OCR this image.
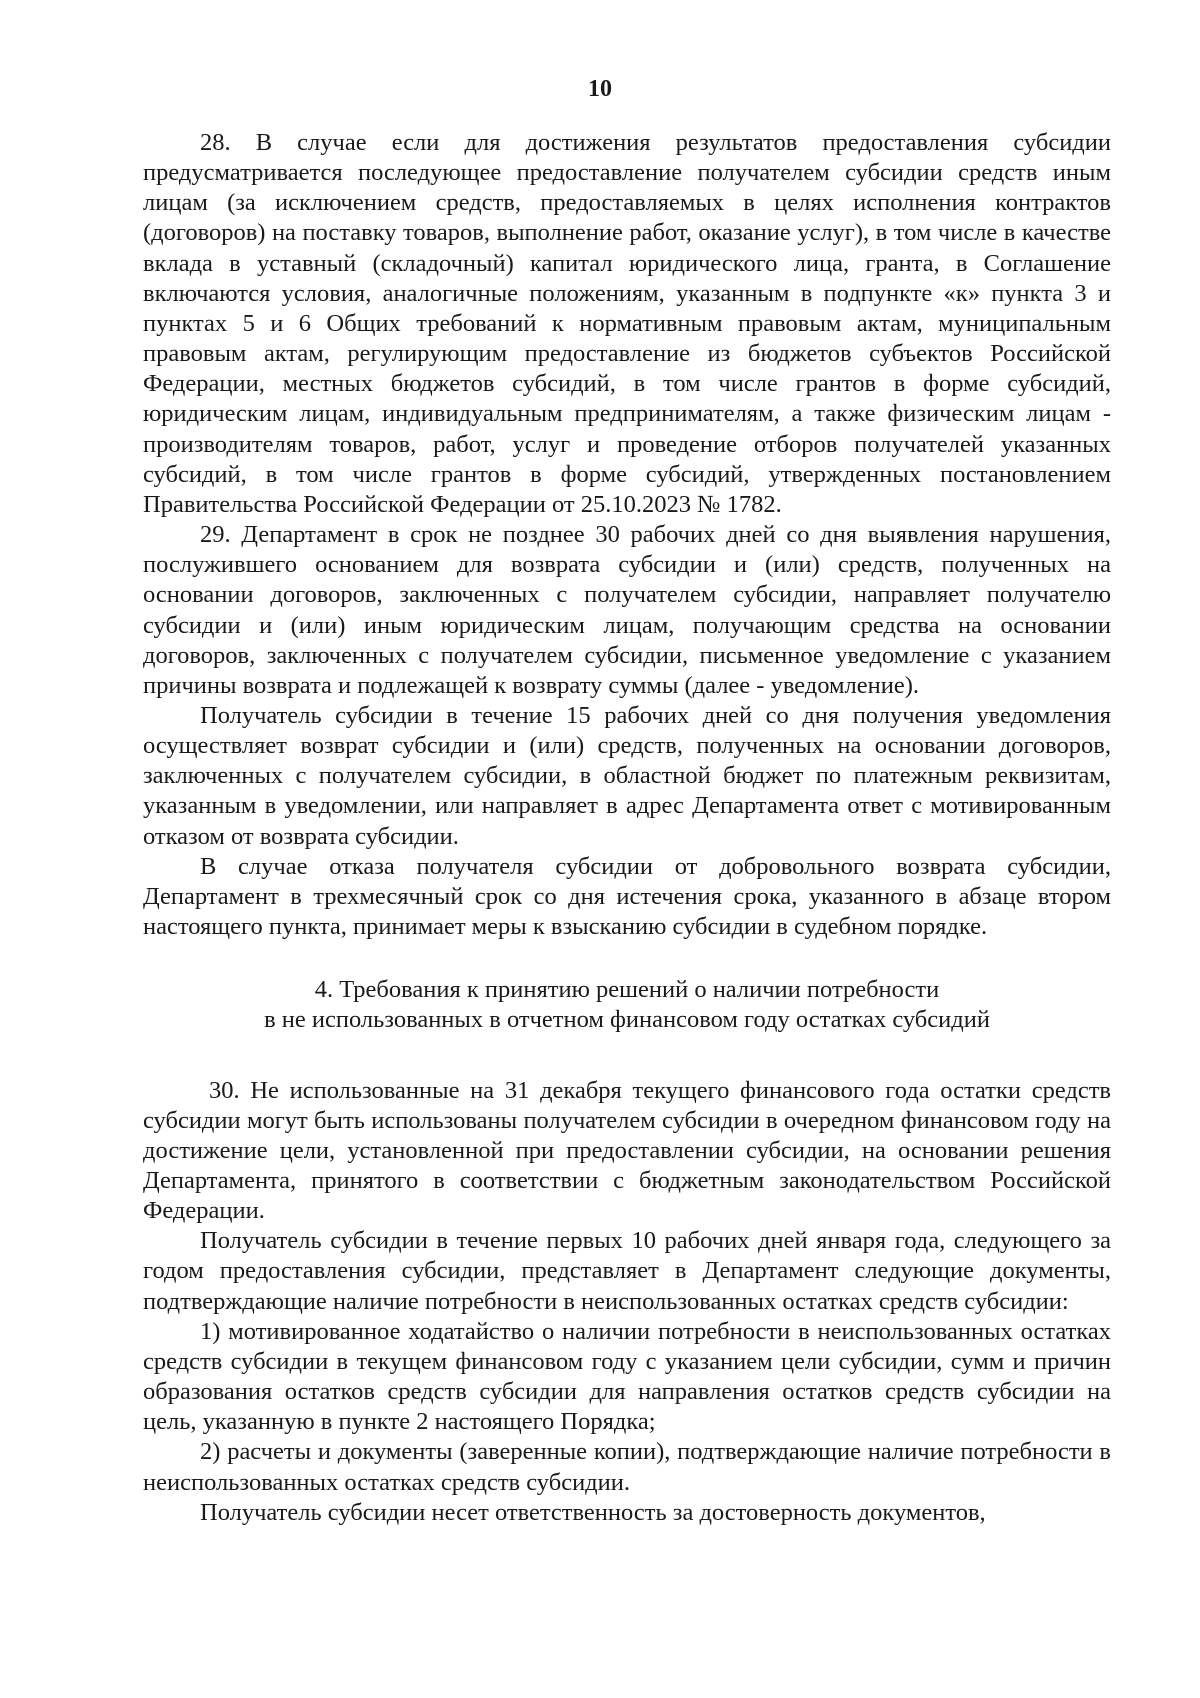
10

28. В случае если для достижения результатов предоставления субсидии предусматривается последующее предоставление получателем субсидии средств иным лицам (за исключением средств, предоставляемых в целях исполнения контрактов (договоров) на поставку товаров, выполнение работ, оказание услуг), в том числе в качестве вклада в уставный (складочный) капитал юридического лица, гранта, в Соглашение включаются условия, аналогичные положениям, указанным в подпункте «к» пункта 3 и пунктах 5 и 6 Общих требований к нормативным правовым актам, муниципальным правовым актам, регулирующим предоставление из бюджетов субъектов Российской Федерации, местных бюджетов субсидий, в том числе грантов в форме субсидий, юридическим лицам, индивидуальным предпринимателям, а также физическим лицам - производителям товаров, работ, услуг и проведение отборов получателей указанных субсидий, в том числе грантов в форме субсидий, утвержденных постановлением Правительства Российской Федерации от 25.10.2023 № 1782.

29. Департамент в срок не позднее 30 рабочих дней со дня выявления нарушения, послужившего основанием для возврата субсидии и (или) средств, полученных на основании договоров, заключенных с получателем субсидии, направляет получателю субсидии и (или) иным юридическим лицам, получающим средства на основании договоров, заключенных с получателем субсидии, письменное уведомление с указанием причины возврата и подлежащей к возврату суммы (далее - уведомление).

Получатель субсидии в течение 15 рабочих дней со дня получения уведомления осуществляет возврат субсидии и (или) средств, полученных на основании договоров, заключенных с получателем субсидии, в областной бюджет по платежным реквизитам, указанным в уведомлении, или направляет в адрес Департамента ответ с мотивированным отказом от возврата субсидии.

В случае отказа получателя субсидии от добровольного возврата субсидии, Департамент в трехмесячный срок со дня истечения срока, указанного в абзаце втором настоящего пункта, принимает меры к взысканию субсидии в судебном порядке.

4. Требования к принятию решений о наличии потребности
в не использованных в отчетном финансовом году остатках субсидий

30. Не использованные на 31 декабря текущего финансового года остатки средств субсидии могут быть использованы получателем субсидии в очередном финансовом году на достижение цели, установленной при предоставлении субсидии, на основании решения Департамента, принятого в соответствии с бюджетным законодательством Российской Федерации.

Получатель субсидии в течение первых 10 рабочих дней января года, следующего за годом предоставления субсидии, представляет в Департамент следующие документы, подтверждающие наличие потребности в неиспользованных остатках средств субсидии:

1) мотивированное ходатайство о наличии потребности в неиспользованных остатках средств субсидии в текущем финансовом году с указанием цели субсидии, сумм и причин образования остатков средств субсидии для направления остатков средств субсидии на цель, указанную в пункте 2 настоящего Порядка;

2) расчеты и документы (заверенные копии), подтверждающие наличие потребности в неиспользованных остатках средств субсидии.

Получатель субсидии несет ответственность за достоверность документов,
